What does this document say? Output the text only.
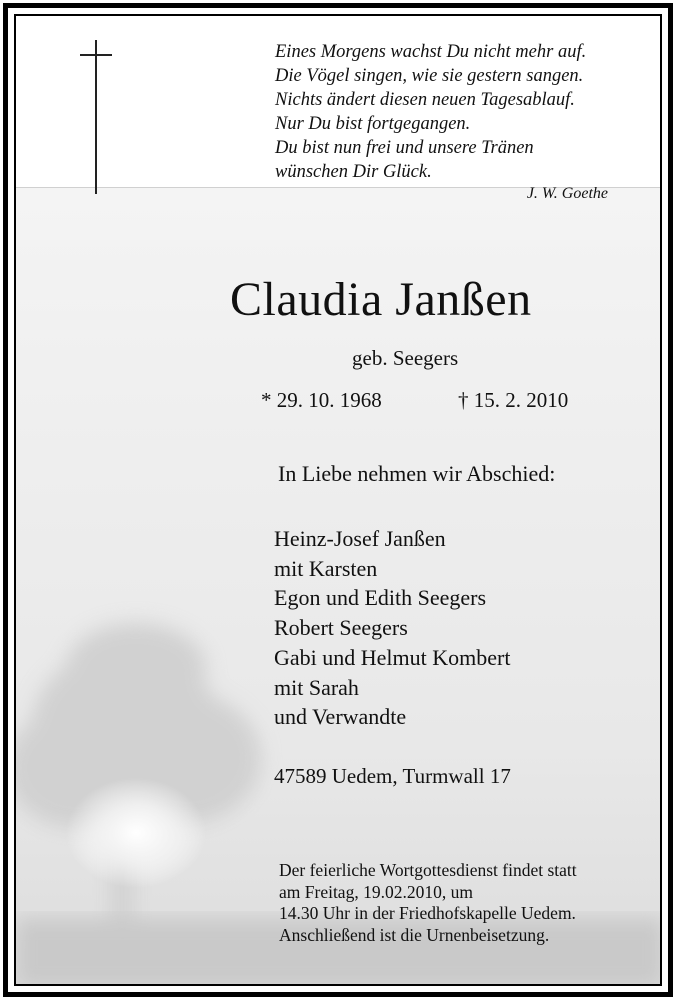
Eines Morgens wachst Du nicht mehr auf.
Die Vögel singen, wie sie gestern sangen.
Nichts ändert diesen neuen Tagesablauf.
Nur Du bist fortgegangen.
Du bist nun frei und unsere Tränen
wünschen Dir Glück.
J. W. Goethe
Claudia Janßen
geb. Seegers
* 29. 10. 1968	† 15. 2. 2010
In Liebe nehmen wir Abschied:
Heinz-Josef Janßen
mit Karsten
Egon und Edith Seegers
Robert Seegers
Gabi und Helmut Kombert
mit Sarah
und Verwandte
47589 Uedem, Turmwall 17
Der feierliche Wortgottesdienst findet statt
am Freitag, 19.02.2010, um
14.30 Uhr in der Friedhofskapelle Uedem.
Anschließend ist die Urnenbeisetzung.
